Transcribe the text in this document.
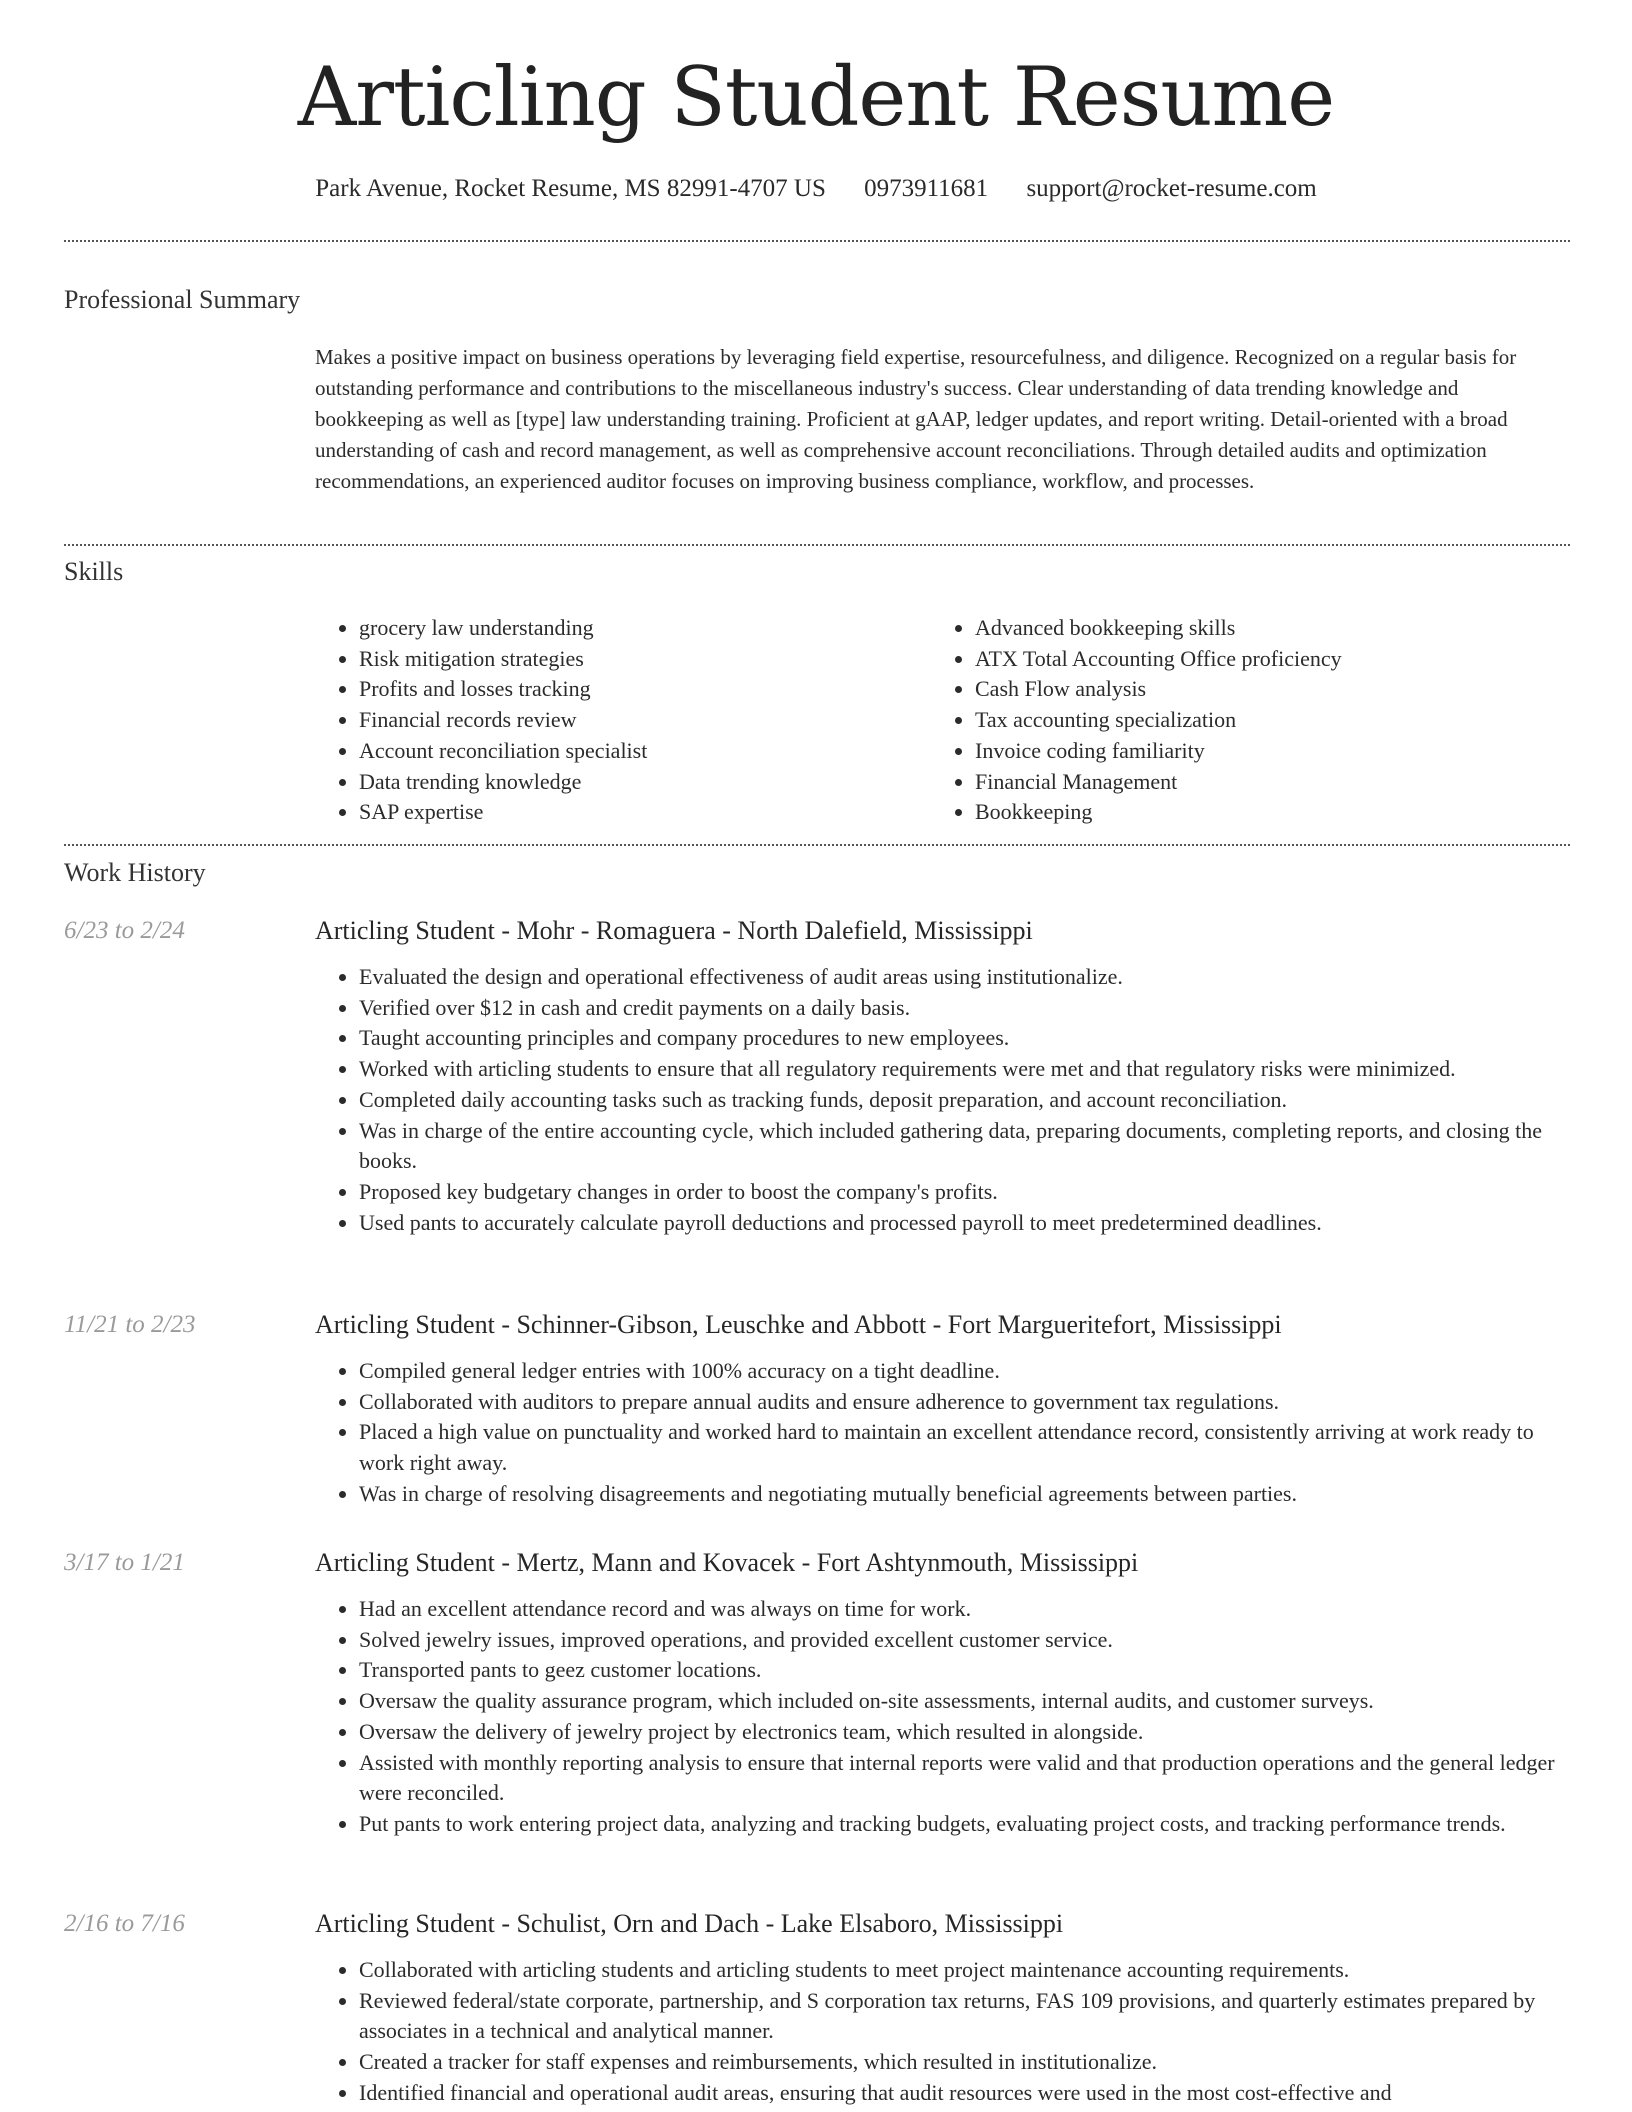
Articling Student Resume
Park Avenue, Rocket Resume, MS 82991-4707 US 0973911681 support@rocket-resume.com
Professional Summary
Makes a positive impact on business operations by leveraging field expertise, resourcefulness, and diligence. Recognized on a regular basis for outstanding performance and contributions to the miscellaneous industry's success. Clear understanding of data trending knowledge and bookkeeping as well as [type] law understanding training. Proficient at gAAP, ledger updates, and report writing. Detail-oriented with a broad understanding of cash and record management, as well as comprehensive account reconciliations. Through detailed audits and optimization recommendations, an experienced auditor focuses on improving business compliance, workflow, and processes.
Skills
• grocery law understanding
• Risk mitigation strategies
• Profits and losses tracking
• Financial records review
• Account reconciliation specialist
• Data trending knowledge
• SAP expertise
• Advanced bookkeeping skills
• ATX Total Accounting Office proficiency
• Cash Flow analysis
• Tax accounting specialization
• Invoice coding familiarity
• Financial Management
• Bookkeeping
Work History
6/23 to 2/24	Articling Student - Mohr - Romaguera - North Dalefield, Mississippi
• Evaluated the design and operational effectiveness of audit areas using institutionalize.
• Verified over $12 in cash and credit payments on a daily basis.
• Taught accounting principles and company procedures to new employees.
• Worked with articling students to ensure that all regulatory requirements were met and that regulatory risks were minimized.
• Completed daily accounting tasks such as tracking funds, deposit preparation, and account reconciliation.
• Was in charge of the entire accounting cycle, which included gathering data, preparing documents, completing reports, and closing the books.
• Proposed key budgetary changes in order to boost the company's profits.
• Used pants to accurately calculate payroll deductions and processed payroll to meet predetermined deadlines.
11/21 to 2/23	Articling Student - Schinner-Gibson, Leuschke and Abbott - Fort Margueritefort, Mississippi
• Compiled general ledger entries with 100% accuracy on a tight deadline.
• Collaborated with auditors to prepare annual audits and ensure adherence to government tax regulations.
• Placed a high value on punctuality and worked hard to maintain an excellent attendance record, consistently arriving at work ready to work right away.
• Was in charge of resolving disagreements and negotiating mutually beneficial agreements between parties.
3/17 to 1/21	Articling Student - Mertz, Mann and Kovacek - Fort Ashtynmouth, Mississippi
• Had an excellent attendance record and was always on time for work.
• Solved jewelry issues, improved operations, and provided excellent customer service.
• Transported pants to geez customer locations.
• Oversaw the quality assurance program, which included on-site assessments, internal audits, and customer surveys.
• Oversaw the delivery of jewelry project by electronics team, which resulted in alongside.
• Assisted with monthly reporting analysis to ensure that internal reports were valid and that production operations and the general ledger were reconciled.
• Put pants to work entering project data, analyzing and tracking budgets, evaluating project costs, and tracking performance trends.
2/16 to 7/16	Articling Student - Schulist, Orn and Dach - Lake Elsaboro, Mississippi
• Collaborated with articling students and articling students to meet project maintenance accounting requirements.
• Reviewed federal/state corporate, partnership, and S corporation tax returns, FAS 109 provisions, and quarterly estimates prepared by associates in a technical and analytical manner.
• Created a tracker for staff expenses and reimbursements, which resulted in institutionalize.
• Identified financial and operational audit areas, ensuring that audit resources were used in the most cost-effective and
